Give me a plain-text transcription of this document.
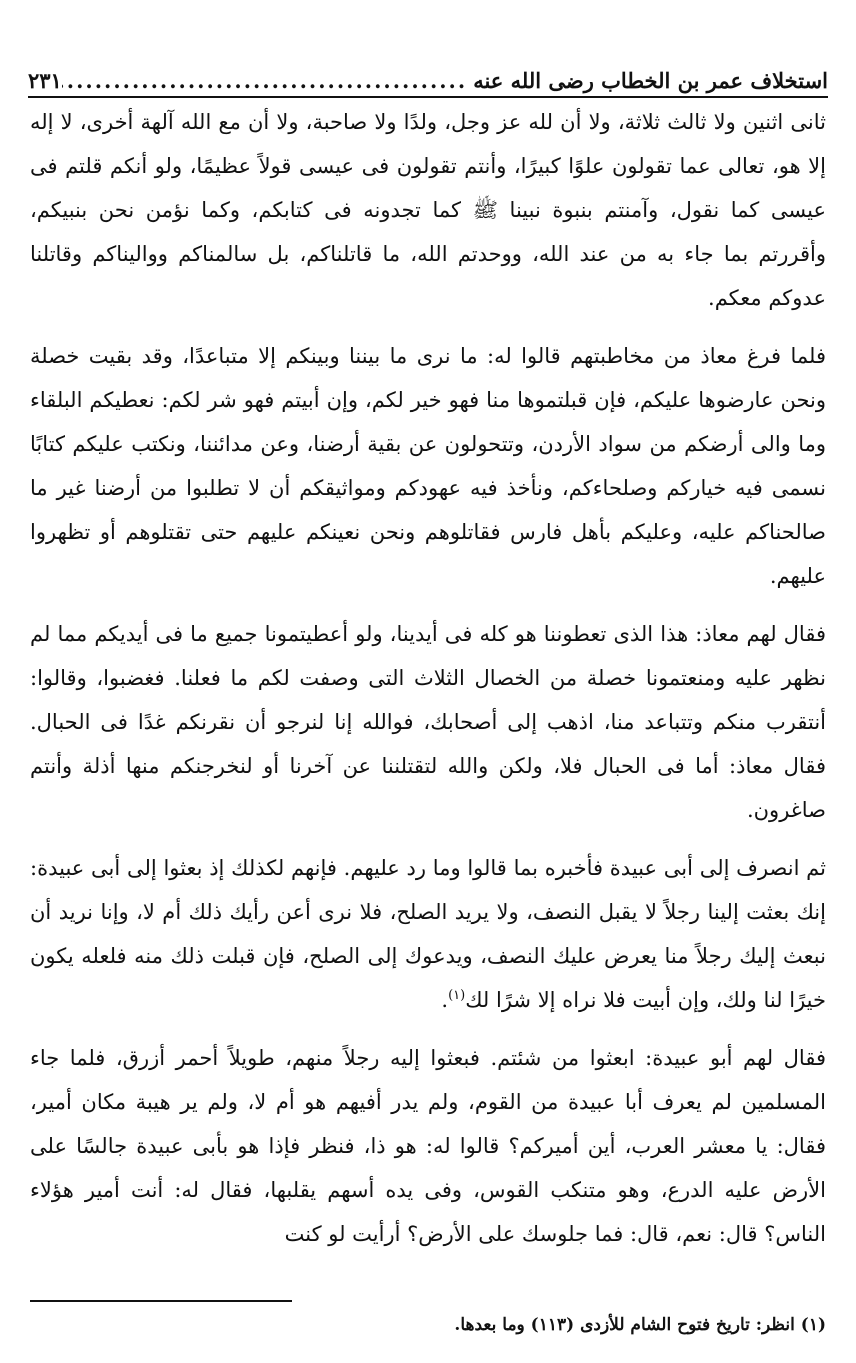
استخلاف عمر بن الخطاب رضى الله عنه
.....
٢٣١

ثانى اثنين ولا ثالث ثلاثة، ولا أن لله عز وجل، ولدًا ولا صاحبة، ولا أن مع الله آلهة أخرى، لا إله إلا هو، تعالى عما تقولون علوًا كبيرًا، وأنتم تقولون فى عيسى قولاً عظيمًا، ولو أنكم قلتم فى عيسى كما نقول، وآمنتم بنبوة نبينا ﷺ كما تجدونه فى كتابكم، وكما نؤمن نحن بنبيكم، وأقررتم بما جاء به من عند الله، ووحدتم الله، ما قاتلناكم، بل سالمناكم وواليناكم وقاتلنا عدوكم معكم.

فلما فرغ معاذ من مخاطبتهم قالوا له: ما نرى ما بيننا وبينكم إلا متباعدًا، وقد بقيت خصلة ونحن عارضوها عليكم، فإن قبلتموها منا فهو خير لكم، وإن أبيتم فهو شر لكم: نعطيكم البلقاء وما والى أرضكم من سواد الأردن، وتتحولون عن بقية أرضنا، وعن مدائننا، ونكتب عليكم كتابًا نسمى فيه خياركم وصلحاءكم، ونأخذ فيه عهودكم ومواثيقكم أن لا تطلبوا من أرضنا غير ما صالحناكم عليه، وعليكم بأهل فارس فقاتلوهم ونحن نعينكم عليهم حتى تقتلوهم أو تظهروا عليهم.

فقال لهم معاذ: هذا الذى تعطوننا هو كله فى أيدينا، ولو أعطيتمونا جميع ما فى أيديكم مما لم نظهر عليه ومنعتمونا خصلة من الخصال الثلاث التى وصفت لكم ما فعلنا. فغضبوا، وقالوا: أنتقرب منكم وتتباعد منا، اذهب إلى أصحابك، فوالله إنا لنرجو أن نقرنكم غدًا فى الحبال. فقال معاذ: أما فى الحبال فلا، ولكن والله لتقتلننا عن آخرنا أو لنخرجنكم منها أذلة وأنتم صاغرون.

ثم انصرف إلى أبى عبيدة فأخبره بما قالوا وما رد عليهم. فإنهم لكذلك إذ بعثوا إلى أبى عبيدة: إنك بعثت إلينا رجلاً لا يقبل النصف، ولا يريد الصلح، فلا نرى أعن رأيك ذلك أم لا، وإنا نريد أن نبعث إليك رجلاً منا يعرض عليك النصف، ويدعوك إلى الصلح، فإن قبلت ذلك منه فلعله يكون خيرًا لنا ولك، وإن أبيت فلا نراه إلا شرًا لك$^{(١)}$.

فقال لهم أبو عبيدة: ابعثوا من شئتم. فبعثوا إليه رجلاً منهم، طويلاً أحمر أزرق، فلما جاء المسلمين لم يعرف أبا عبيدة من القوم، ولم يدر أفيهم هو أم لا، ولم ير هيبة مكان أمير، فقال: يا معشر العرب، أين أميركم؟ قالوا له: هو ذا، فنظر فإذا هو بأبى عبيدة جالسًا على الأرض عليه الدرع، وهو متنكب القوس، وفى يده أسهم يقلبها، فقال له: أنت أمير هؤلاء الناس؟ قال: نعم، قال: فما جلوسك على الأرض؟ أرأيت لو كنت

(١) انظر: تاريخ فتوح الشام للأزدى (١١٣) وما بعدها.
